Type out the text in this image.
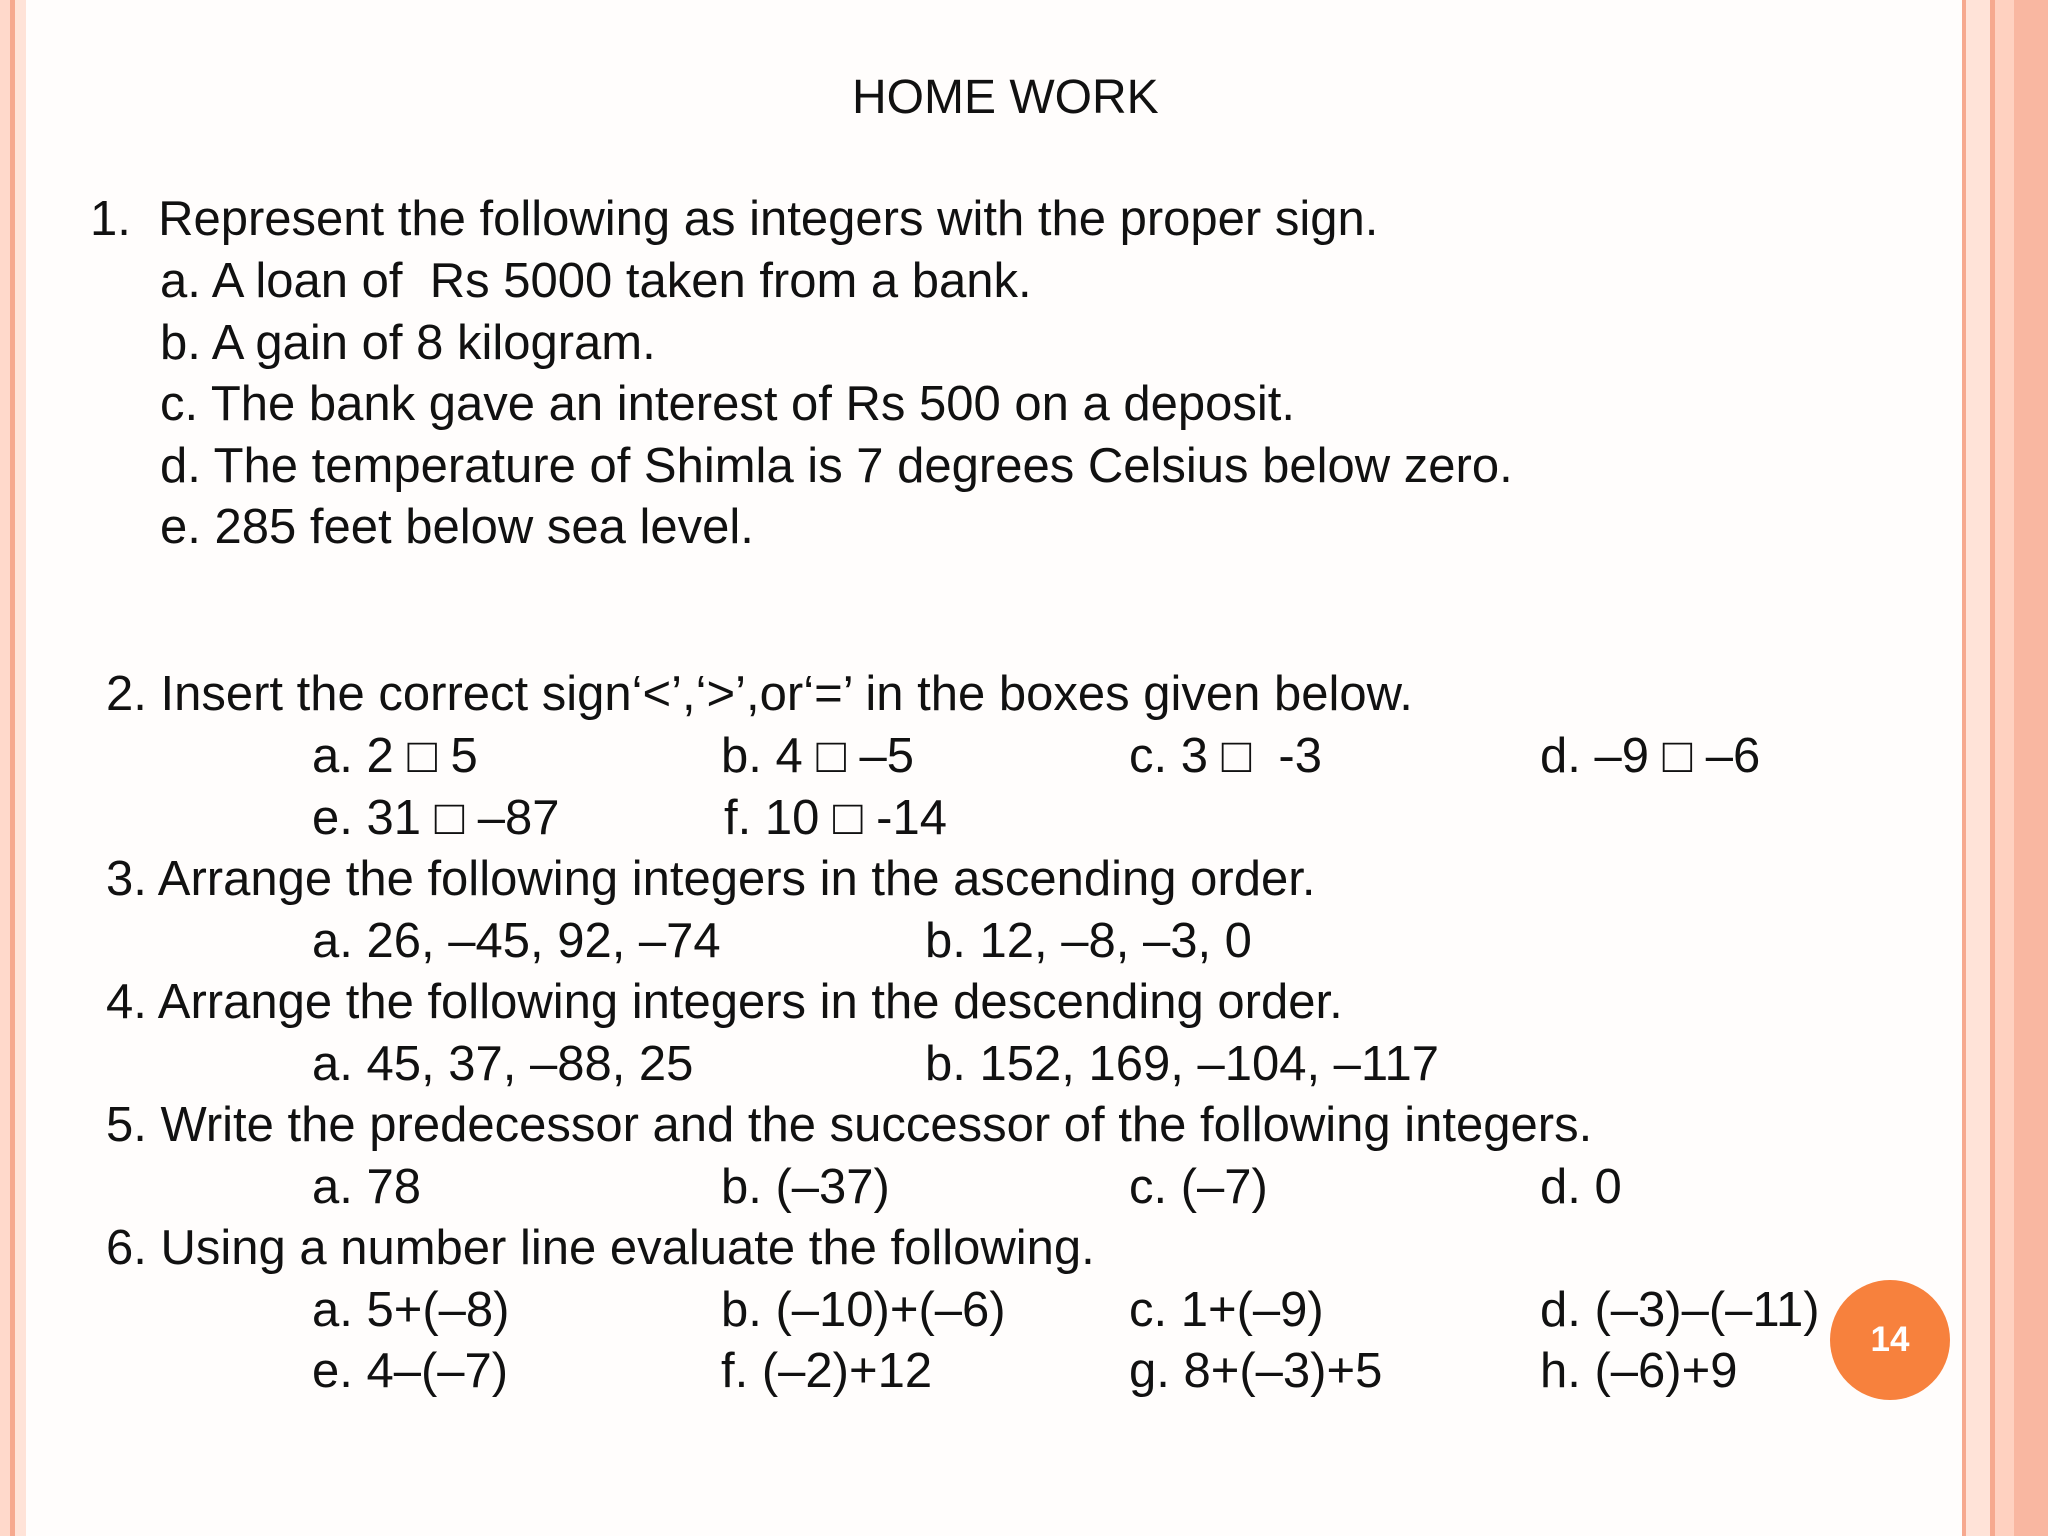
HOME WORK
1.  Represent the following as integers with the proper sign.
a. A loan of  Rs 5000 taken from a bank.
b. A gain of 8 kilogram.
c. The bank gave an interest of Rs 500 on a deposit.
d. The temperature of Shimla is 7 degrees Celsius below zero.
e. 285 feet below sea level.
2. Insert the correct sign‘<’,‘>’,or‘=’ in the boxes given below.
a. 2 □ 5	b. 4 □ –5	c. 3 □  -3	d. –9 □ –6
e. 31 □ –87	f. 10 □ -14
3. Arrange the following integers in the ascending order.
a. 26, –45, 92, –74	b. 12, –8, –3, 0
4. Arrange the following integers in the descending order.
a. 45, 37, –88, 25	b. 152, 169, –104, –117
5. Write the predecessor and the successor of the following integers.
a. 78	b. (–37)	c. (–7)	d. 0
6. Using a number line evaluate the following.
a. 5+(–8)	b. (–10)+(–6)	c. 1+(–9)	d. (–3)–(–11)
e. 4–(–7)	f. (–2)+12	g. 8+(–3)+5	h. (–6)+9
14
